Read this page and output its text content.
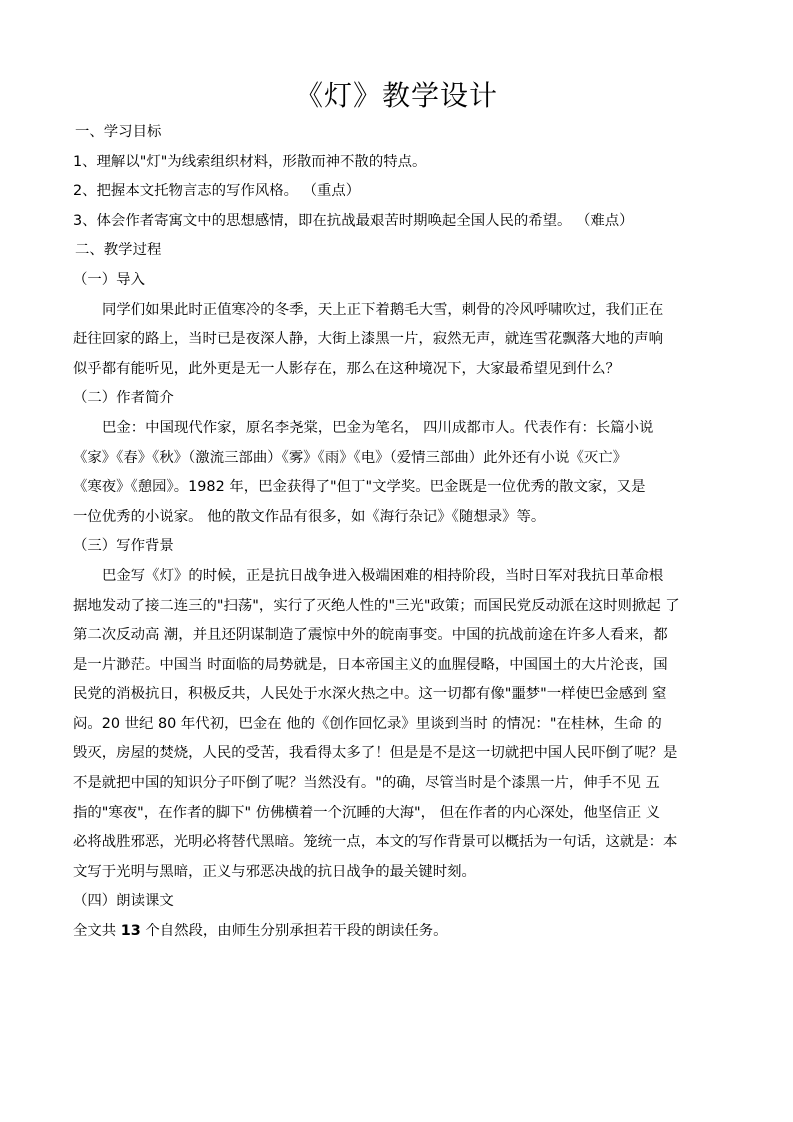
《灯》教学设计
一、学习目标
1、理解以"灯"为线索组织材料，形散而神不散的特点。
2、把握本文托物言志的写作风格。 （重点）
3、体会作者寄寓文中的思想感情，即在抗战最艰苦时期唤起全国人民的希望。 （难点）
二、教学过程
（一）导入
同学们如果此时正值寒冷的冬季，天上正下着鹅毛大雪，刺骨的冷风呼啸吹过，我们正在
赶往回家的路上，当时已是夜深人静，大街上漆黑一片，寂然无声，就连雪花飘落大地的声响
似乎都有能听见，此外更是无一人影存在，那么在这种境况下，大家最希望见到什么？
（二）作者简介
巴金：中国现代作家，原名李尧棠，巴金为笔名， 四川成都市人。代表作有：长篇小说
《家》《春》《秋》（激流三部曲）《雾》《雨》《电》（爱情三部曲）此外还有小说《灭亡》
《寒夜》《憩园》。1982 年，巴金获得了"但丁"文学奖。巴金既是一位优秀的散文家，又是
一位优秀的小说家。 他的散文作品有很多，如《海行杂记》《随想录》等。
（三）写作背景
巴金写《灯》的时候，正是抗日战争进入极端困难的相持阶段，当时日军对我抗日革命根
据地发动了接二连三的"扫荡"，实行了灭绝人性的"三光"政策；而国民党反动派在这时则掀起 了
第二次反动高 潮，并且还阴谋制造了震惊中外的皖南事变。中国的抗战前途在许多人看来，都
是一片渺茫。中国当 时面临的局势就是，日本帝国主义的血腥侵略，中国国土的大片沦丧，国
民党的消极抗日，积极反共，人民处于水深火热之中。这一切都有像"噩梦"一样使巴金感到 窒
闷。20 世纪 80 年代初，巴金在 他的《创作回忆录》里谈到当时 的情况："在桂林，生命 的
毁灭，房屋的焚烧，人民的受苦，我看得太多了！但是是不是这一切就把中国人民吓倒了呢？是
不是就把中国的知识分子吓倒了呢？当然没有。"的确，尽管当时是个漆黑一片，伸手不见 五
指的"寒夜"，在作者的脚下" 仿佛横着一个沉睡的大海"， 但在作者的内心深处，他坚信正 义
必将战胜邪恶，光明必将替代黑暗。笼统一点，本文的写作背景可以概括为一句话，这就是：本
文写于光明与黑暗，正义与邪恶决战的抗日战争的最关键时刻。
（四）朗读课文
全文共 13 个自然段，由师生分别承担若干段的朗读任务。
